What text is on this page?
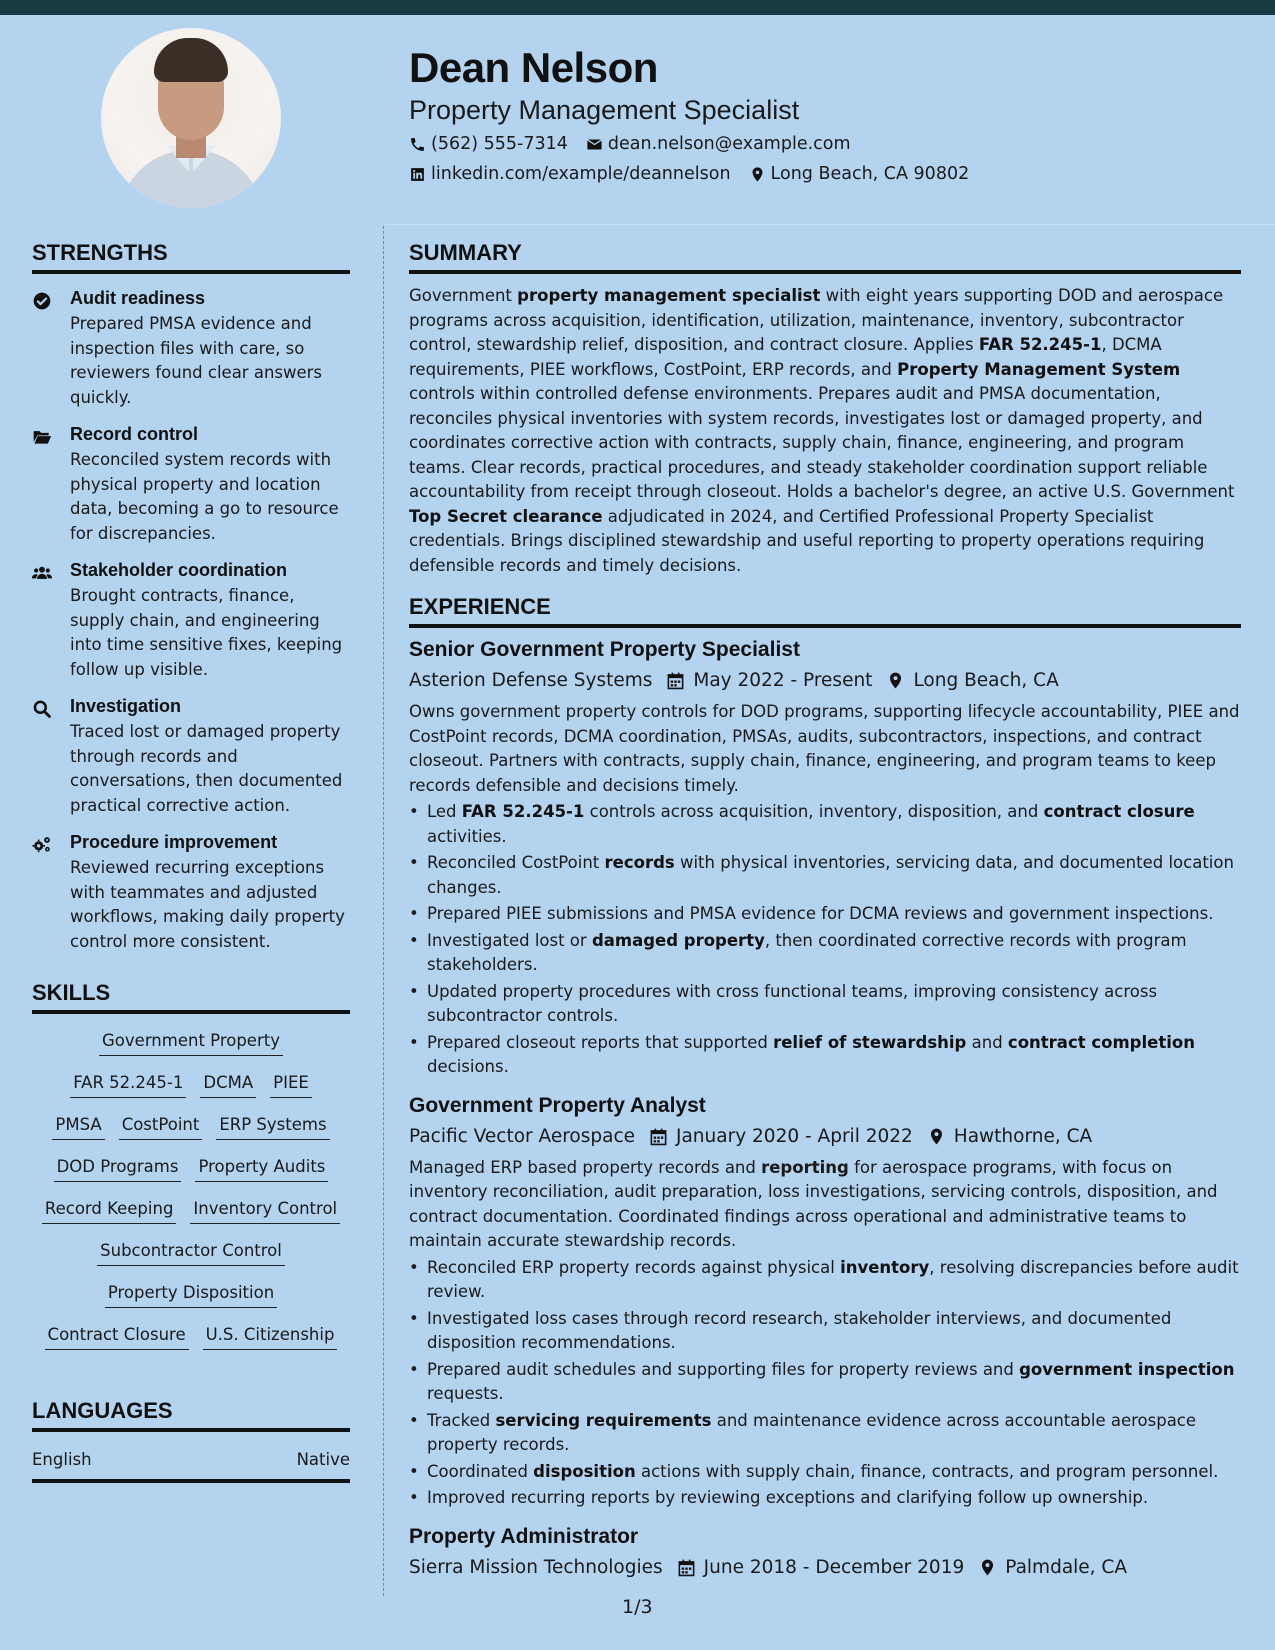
Dean Nelson
Property Management Specialist
(562) 555-7314 dean.nelson@example.com
linkedin.com/example/deannelson Long Beach, CA 90802
STRENGTHS
Audit readiness
Prepared PMSA evidence and inspection files with care, so reviewers found clear answers quickly.
Record control
Reconciled system records with physical property and location data, becoming a go to resource for discrepancies.
Stakeholder coordination
Brought contracts, finance, supply chain, and engineering into time sensitive fixes, keeping follow up visible.
Investigation
Traced lost or damaged property through records and conversations, then documented practical corrective action.
Procedure improvement
Reviewed recurring exceptions with teammates and adjusted workflows, making daily property control more consistent.
SKILLS
Government Property
FAR 52.245-1 DCMA PIEE
PMSA CostPoint ERP Systems
DOD Programs Property Audits
Record Keeping Inventory Control
Subcontractor Control
Property Disposition
Contract Closure U.S. Citizenship
LANGUAGES
English	Native
SUMMARY
Government property management specialist with eight years supporting DOD and aerospace programs across acquisition, identification, utilization, maintenance, inventory, subcontractor control, stewardship relief, disposition, and contract closure. Applies FAR 52.245-1, DCMA requirements, PIEE workflows, CostPoint, ERP records, and Property Management System controls within controlled defense environments. Prepares audit and PMSA documentation, reconciles physical inventories with system records, investigates lost or damaged property, and coordinates corrective action with contracts, supply chain, finance, engineering, and program teams. Clear records, practical procedures, and steady stakeholder coordination support reliable accountability from receipt through closeout. Holds a bachelor's degree, an active U.S. Government Top Secret clearance adjudicated in 2024, and Certified Professional Property Specialist credentials. Brings disciplined stewardship and useful reporting to property operations requiring defensible records and timely decisions.
EXPERIENCE
Senior Government Property Specialist
Asterion Defense Systems May 2022 - Present Long Beach, CA
Owns government property controls for DOD programs, supporting lifecycle accountability, PIEE and CostPoint records, DCMA coordination, PMSAs, audits, subcontractors, inspections, and contract closeout. Partners with contracts, supply chain, finance, engineering, and program teams to keep records defensible and decisions timely.
• Led FAR 52.245-1 controls across acquisition, inventory, disposition, and contract closure activities.
• Reconciled CostPoint records with physical inventories, servicing data, and documented location changes.
• Prepared PIEE submissions and PMSA evidence for DCMA reviews and government inspections.
• Investigated lost or damaged property, then coordinated corrective records with program stakeholders.
• Updated property procedures with cross functional teams, improving consistency across subcontractor controls.
• Prepared closeout reports that supported relief of stewardship and contract completion decisions.
Government Property Analyst
Pacific Vector Aerospace January 2020 - April 2022 Hawthorne, CA
Managed ERP based property records and reporting for aerospace programs, with focus on inventory reconciliation, audit preparation, loss investigations, servicing controls, disposition, and contract documentation. Coordinated findings across operational and administrative teams to maintain accurate stewardship records.
• Reconciled ERP property records against physical inventory, resolving discrepancies before audit review.
• Investigated loss cases through record research, stakeholder interviews, and documented disposition recommendations.
• Prepared audit schedules and supporting files for property reviews and government inspection requests.
• Tracked servicing requirements and maintenance evidence across accountable aerospace property records.
• Coordinated disposition actions with supply chain, finance, contracts, and program personnel.
• Improved recurring reports by reviewing exceptions and clarifying follow up ownership.
Property Administrator
Sierra Mission Technologies June 2018 - December 2019 Palmdale, CA
1/3
